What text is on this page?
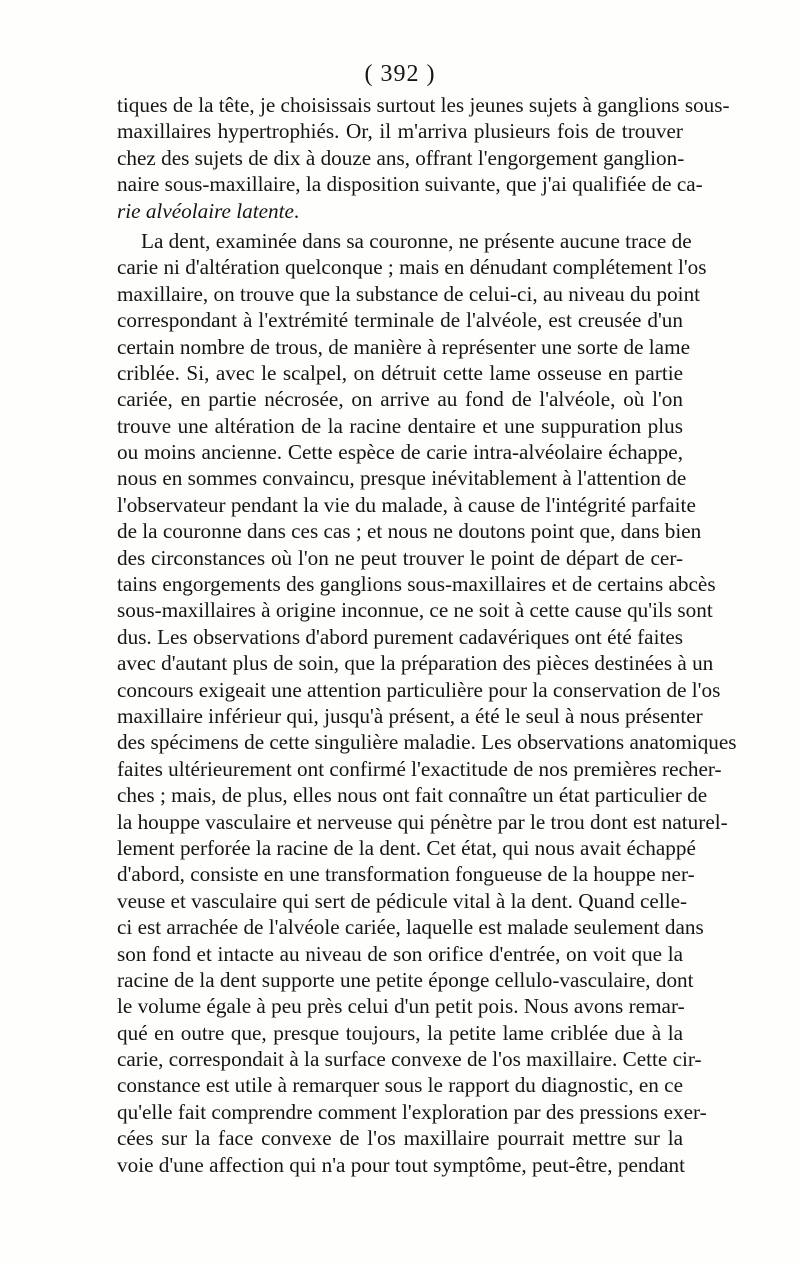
( 392 )
tiques de la tête, je choisissais surtout les jeunes sujets à ganglions sous-
maxillaires hypertrophiés. Or, il m'arriva plusieurs fois de trouver
chez des sujets de dix à douze ans, offrant l'engorgement ganglion-
naire sous-maxillaire, la disposition suivante, que j'ai qualifiée de ca-
rie alvéolaire latente.
La dent, examinée dans sa couronne, ne présente aucune trace de
carie ni d'altération quelconque ; mais en dénudant complétement l'os
maxillaire, on trouve que la substance de celui-ci, au niveau du point
correspondant à l'extrémité terminale de l'alvéole, est creusée d'un
certain nombre de trous, de manière à représenter une sorte de lame
criblée. Si, avec le scalpel, on détruit cette lame osseuse en partie
cariée, en partie nécrosée, on arrive au fond de l'alvéole, où l'on
trouve une altération de la racine dentaire et une suppuration plus
ou moins ancienne. Cette espèce de carie intra-alvéolaire échappe,
nous en sommes convaincu, presque inévitablement à l'attention de
l'observateur pendant la vie du malade, à cause de l'intégrité parfaite
de la couronne dans ces cas ; et nous ne doutons point que, dans bien
des circonstances où l'on ne peut trouver le point de départ de cer-
tains engorgements des ganglions sous-maxillaires et de certains abcès
sous-maxillaires à origine inconnue, ce ne soit à cette cause qu'ils sont
dus. Les observations d'abord purement cadavériques ont été faites
avec d'autant plus de soin, que la préparation des pièces destinées à un
concours exigeait une attention particulière pour la conservation de l'os
maxillaire inférieur qui, jusqu'à présent, a été le seul à nous présenter
des spécimens de cette singulière maladie. Les observations anatomiques
faites ultérieurement ont confirmé l'exactitude de nos premières recher-
ches ; mais, de plus, elles nous ont fait connaître un état particulier de
la houppe vasculaire et nerveuse qui pénètre par le trou dont est naturel-
lement perforée la racine de la dent. Cet état, qui nous avait échappé
d'abord, consiste en une transformation fongueuse de la houppe ner-
veuse et vasculaire qui sert de pédicule vital à la dent. Quand celle-
ci est arrachée de l'alvéole cariée, laquelle est malade seulement dans
son fond et intacte au niveau de son orifice d'entrée, on voit que la
racine de la dent supporte une petite éponge cellulo-vasculaire, dont
le volume égale à peu près celui d'un petit pois. Nous avons remar-
qué en outre que, presque toujours, la petite lame criblée due à la
carie, correspondait à la surface convexe de l'os maxillaire. Cette cir-
constance est utile à remarquer sous le rapport du diagnostic, en ce
qu'elle fait comprendre comment l'exploration par des pressions exer-
cées sur la face convexe de l'os maxillaire pourrait mettre sur la
voie d'une affection qui n'a pour tout symptôme, peut-être, pendant
